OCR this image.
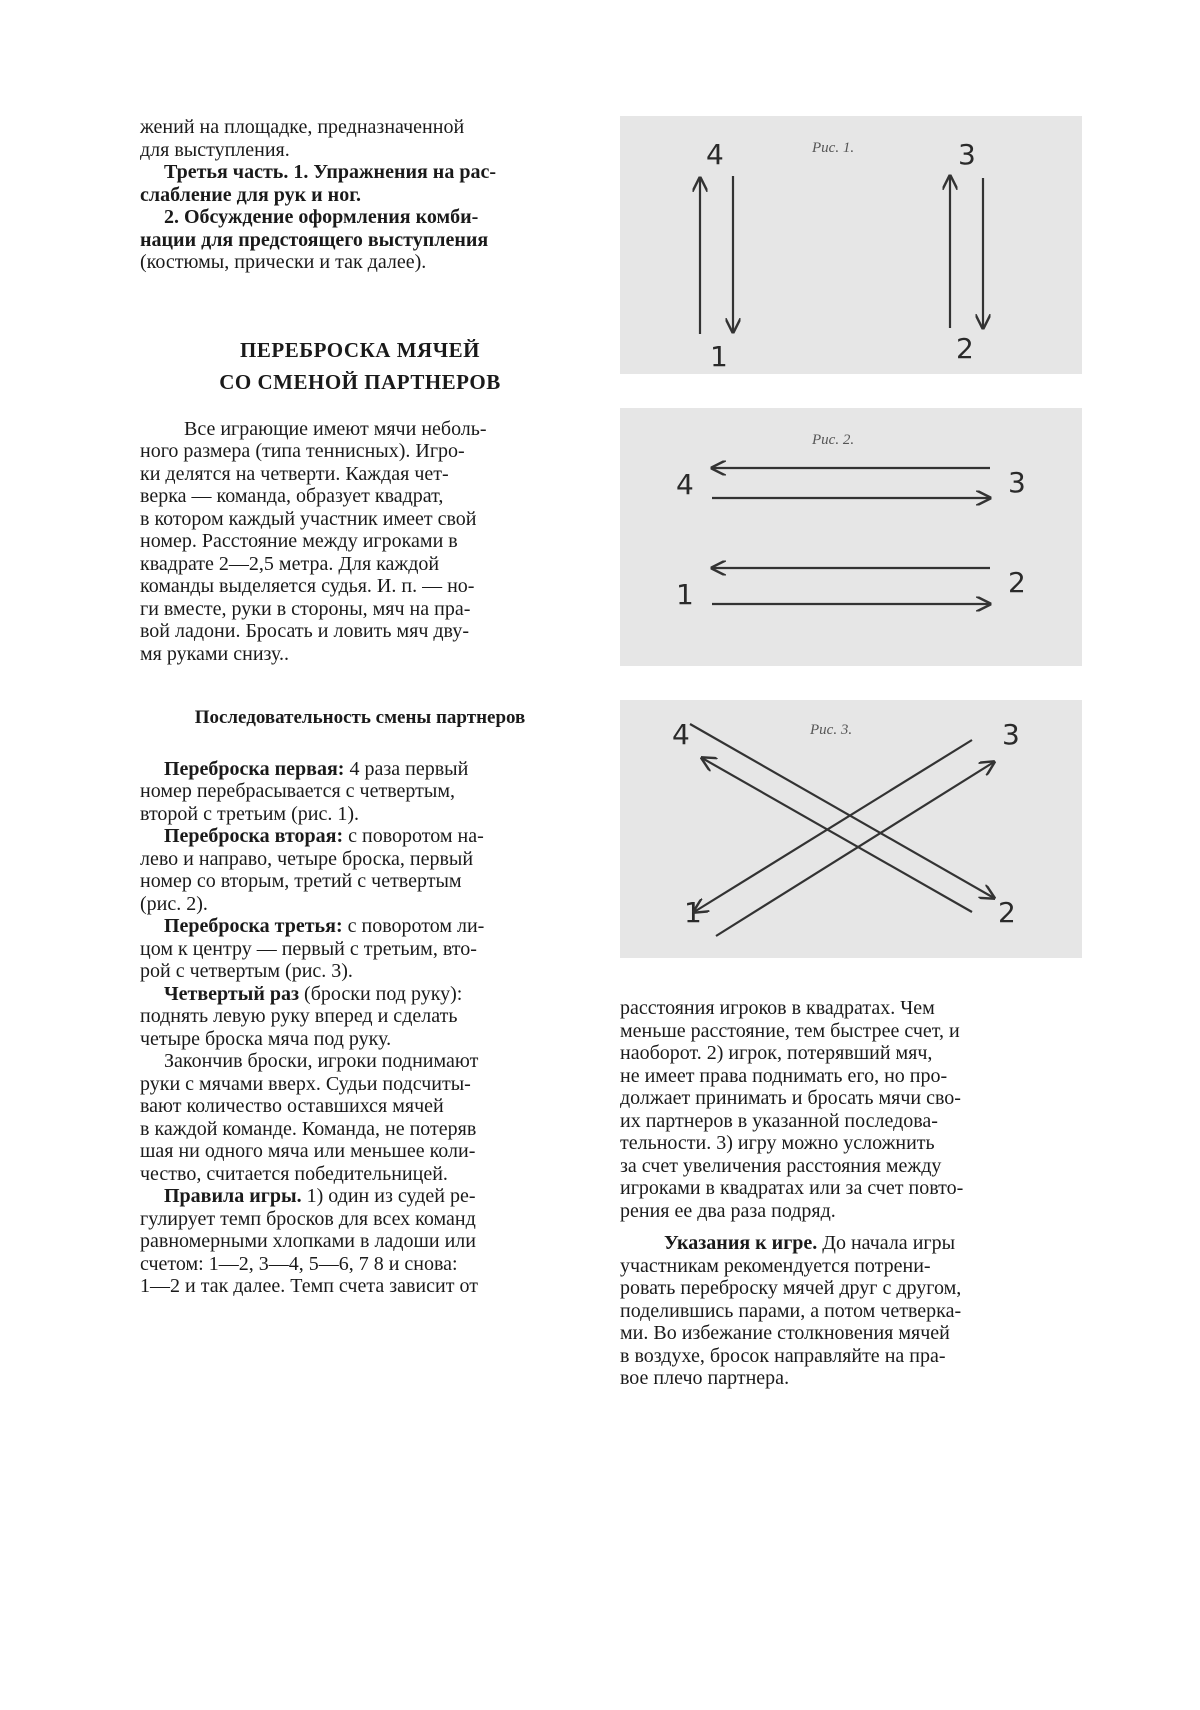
жений на площадке, предназначенной

для выступления.

Третья часть. 1. Упражнения на рас-

слабление для рук и ног.

2. Обсуждение оформления комби-

нации для предстоящего выступления

(костюмы, прически и так далее).

ПЕРЕБРОСКА МЯЧЕЙ

СО СМЕНОЙ ПАРТНЕРОВ

Все играющие имеют мячи неболь-

ного размера (типа теннисных). Игро-

ки делятся на четверти. Каждая чет-

верка — команда, образует квадрат,

в котором каждый участник имеет свой

номер. Расстояние между игроками в

квадрате 2—2,5 метра. Для каждой

команды выделяется судья. И. п. — но-

ги вместе, руки в стороны, мяч на пра-

вой ладони. Бросать и ловить мяч дву-

мя руками снизу..

Последовательность смены партнеров

Переброска первая: 4 раза первый

номер перебрасывается с четвертым,

второй с третьим (рис. 1).

Переброска вторая: с поворотом на-

лево и направо, четыре броска, первый

номер со вторым, третий с четвертым

(рис. 2).

Переброска третья: с поворотом ли-

цом к центру — первый с третьим, вто-

рой с четвертым (рис. 3).

Четвертый раз (броски под руку):

поднять левую руку вперед и сделать

четыре броска мяча под руку.

Закончив броски, игроки поднимают

руки с мячами вверх. Судьи подсчиты-

вают количество оставшихся мячей

в каждой команде. Команда, не потеряв

шая ни одного мяча или меньшее коли-

чество, считается победительницей.

Правила игры. 1) один из судей ре-

гулирует темп бросков для всех команд

равномерными хлопками в ладоши или

счетом: 1—2, 3—4, 5—6, 7 8 и снова:

1—2 и так далее. Темп счета зависит от

Рис. 1.
4
1
3
2
Рис. 2.
4	3
1	2
Рис. 3.
4	3
1	2

расстояния игроков в квадратах. Чем

меньше расстояние, тем быстрее счет, и

наоборот. 2) игрок, потерявший мяч,

не имеет права поднимать его, но про-

должает принимать и бросать мячи сво-

их партнеров в указанной последова-

тельности. 3) игру можно усложнить

за счет увеличения расстояния между

игроками в квадратах или за счет повто-

рения ее два раза подряд.

Указания к игре. До начала игры

участникам рекомендуется потрени-

ровать переброску мячей друг с другом,

поделившись парами, а потом четверка-

ми. Во избежание столкновения мячей

в воздухе, бросок направляйте на пра-

вое плечо партнера.
